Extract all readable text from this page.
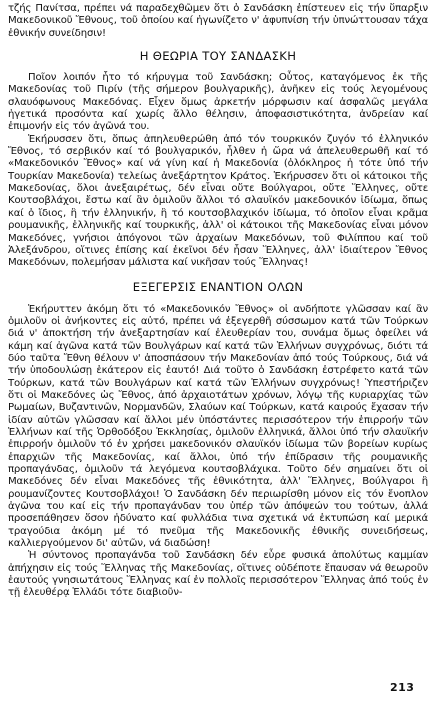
τζής Πανίτσα, πρέπει νά παραδεχθῶμεν ὅτι ὁ Σανδάσκη ἐπίστευεν εἰς τήν ὕπαρξιν Μακεδονικοῦ Ἔθνους, τοῦ ὁποίου καί ἡγωνίζετο ν' ἀφυπνίση τήν ὑπνώττουσαν τάχα ἐθνικήν συνείδησιν!

Η ΘΕΩΡΙΑ ΤΟΥ ΣΑΝΔΑΣΚΗ

Ποῖον λοιπόν ἦτο τό κήρυγμα τοῦ Σανδάσκη; Οὗτος, καταγόμενος ἐκ τῆς Μακεδονίας τοῦ Πιρίν (τῆς σήμερον βουλγαρικῆς), ἀνῆκεν εἰς τούς λεγομένους σλαυόφωνους Μακεδόνας. Εἶχεν ὅμως ἀρκετήν μόρφωσιν καί ἀσφαλῶς μεγάλα ἡγετικά προσόντα καί χωρίς ἄλλο θέλησιν, ἀποφασιστικότητα, ἀνδρείαν καί ἐπιμονήν εἰς τόν ἀγῶνά του.

Ἐκήρυσσεν ὅτι, ὅπως ἀπηλευθερώθη ἀπό τόν τουρκικόν ζυγόν τό ἑλληνικόν Ἔθνος, τό σερβικόν καί τό βουλγαρικόν, ἦλθεν ἡ ὥρα νά ἀπελευθερωθῆ καί τό «Μακεδονικόν Ἔθνος» καί νά γίνη καί ἡ Μακεδονία (ὁλόκληρος ἡ τότε ὑπό τήν Τουρκίαν Μακεδονία) τελείως ἀνεξάρτητον Κράτος. Ἐκήρυσσεν ὅτι οἱ κάτοικοι τῆς Μακεδονίας, ὅλοι ἀνεξαιρέτως, δέν εἶναι οὔτε Βούλγαροι, οὔτε Ἕλληνες, οὔτε Κουτσοβλάχοι, ἔστω καί ἂν ὁμιλοῦν ἄλλοι τό σλαυϊκόν μακεδονικόν ἰδίωμα, ὅπως καί ὁ ἴδιος, ἢ τήν ἑλληνικήν, ἢ τό κουτσοβλαχικόν ἰδίωμα, τό ὁποῖον εἶναι κρᾶμα ρουμανικῆς, ἑλληνικῆς καί τουρκικῆς, ἀλλ' οἱ κάτοικοι τῆς Μακεδονίας εἶναι μόνον Μακεδόνες, γνήσιοι ἀπόγονοι τῶν ἀρχαίων Μακεδόνων, τοῦ Φιλίππου καί τοῦ Ἀλεξάνδρου, οἵτινες ἐπίσης καί ἐκεῖνοι δέν ἦσαν Ἕλληνες, ἀλλ' ἰδιαίτερον Ἔθνος Μακεδόνων, πολεμήσαν μάλιστα καί νικῆσαν τούς Ἕλληνας!

ΕΞΕΓΕΡΣΙΣ ΕΝΑΝΤΙΟΝ ΟΛΩΝ

Ἐκήρυττεν ἀκόμη ὅτι τό «Μακεδονικόν Ἔθνος» οἱ ανδήποτε γλῶσσαν καί ἂν ὁμιλοῦν οἱ ἀνήκοντες εἰς αὐτό, πρέπει νά ἐξεγερθῆ σύσσωμον κατά τῶν Τούρκων διά ν' ἀποκτήση τήν ἀνεξαρτησίαν καί ἐλευθερίαν του, συνάμα ὅμως ὀφείλει νά κάμη καί ἀγῶνα κατά τῶν Βουλγάρων καί κατά τῶν Ἑλλήνων συγχρόνως, διότι τά δύο ταῦτα Ἔθνη θέλουν ν' ἀποσπάσουν τήν Μακεδονίαν ἀπό τούς Τούρκους, διά νά τήν ὑποδουλώσῃ ἑκάτερον εἰς ἑαυτό! Διά τοῦτο ὁ Σανδάσκη ἐστρέφετο κατά τῶν Τούρκων, κατά τῶν Βουλγάρων καί κατά τῶν Ἑλλήνων συγχρόνως! Ὑπεστήριζεν ὅτι οἱ Μακεδόνες ὡς Ἔθνος, ἀπό ἀρχαιοτάτων χρόνων, λόγῳ τῆς κυριαρχίας τῶν Ρωμαίων, Βυζαντινῶν, Νορμανδῶν, Σλαύων καί Τούρκων, κατά καιρούς ἔχασαν τήν ἰδίαν αὐτῶν γλῶσσαν καί ἄλλοι μέν ὑπόστάντες περισσότερον τήν ἐπιρροήν τῶν Ἑλλήνων καί τῆς Ὀρθοδόξου Ἐκκλησίας, ὁμιλοῦν ἑλληνικά, ἄλλοι ὑπό τήν σλαυϊκήν ἐπιρροήν ὁμιλοῦν τό ἐν χρήσει μακεδονικόν σλαυϊκόν ἰδίωμα τῶν βορείων κυρίως ἐπαρχιῶν τῆς Μακεδονίας, καί ἄλλοι, ὑπό τήν ἐπίδρασιν τῆς ρουμανικῆς προπαγάνδας, ὁμιλοῦν τά λεγόμενα κουτσοβλάχικα. Τοῦτο δέν σημαίνει ὅτι οἱ Μακεδόνες δέν εἶναι Μακεδόνες τῆς ἐθνικότητα, ἀλλ' Ἕλληνες, Βούλγαροι ἢ ρουμανίζοντες Κουτσοβλάχοι! Ὁ Σανδάσκη δέν περιωρίσθη μόνον εἰς τόν ἔνοπλον ἀγῶνα του καί εἰς τήν προπαγάνδαν του ὑπέρ τῶν ἀπόψεών του τούτων, ἀλλά προσεπάθησεν ὅσον ἠδύνατο καί φυλλάδια τινα σχετικά νά ἐκτυπώση καί μερικά τραγούδια ἀκόμη μέ τό πνεῦμα τῆς Μακεδονικῆς ἐθνικῆς συνειδήσεως, καλλιεργούμενον δι' αὐτῶν, νά διαδώση!

Ἡ σύντονος προπαγάνδα τοῦ Σανδάσκη δέν εὗρε φυσικά ἀπολύτως καμμίαν ἀπήχησιν εἰς τούς Ἕλληνας τῆς Μακεδονίας, οἵτινες οὐδέποτε ἔπαυσαν νά θεωροῦν ἑαυτούς γνησιωτάτους Ἕλληνας καί ἐν πολλοῖς περισσότερον Ἕλληνας ἀπό τούς ἐν τῇ ἐλευθέρᾳ Ἑλλάδι τότε διαβιοῦν-

213
